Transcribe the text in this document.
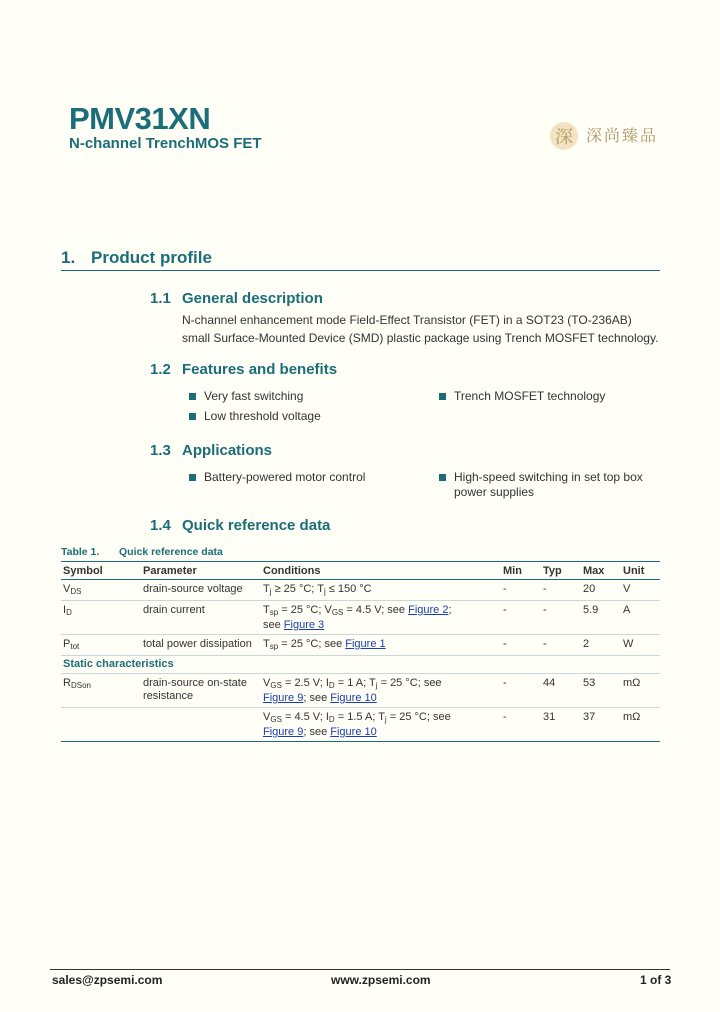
PMV31XN
N-channel TrenchMOS FET	深 深尚臻品
1. Product profile
1.1 General description
N-channel enhancement mode Field-Effect Transistor (FET) in a SOT23 (TO-236AB)
small Surface-Mounted Device (SMD) plastic package using Trench MOSFET technology.
1.2 Features and benefits
Very fast switching
Low threshold voltage
Trench MOSFET technology
1.3 Applications
Battery-powered motor control	High-speed switching in set top box
power supplies
1.4 Quick reference data
Table 1. Quick reference data
Symbol	Parameter	Conditions	Min	Typ	Max	Unit
$V_{DS}$	drain-source voltage	$T_j \ge 25$ °C; $T_j \le 150$ °C	-	-	20	V
$I_D$	drain current	$T_{sp} = 25$ °C; $V_{GS} = 4.5$ V; see Figure 2;
see Figure 3	-	-	5.9	A
$P_{tot}$	total power dissipation	$T_{sp} = 25$ °C; see Figure 1	-	-	2	W
Static characteristics						
$R_{DSon}$	drain-source on-state
resistance	$V_{GS} = 2.5$ V; $I_D = 1$ A; $T_j = 25$ °C; see
Figure 9; see Figure 10	-	44	53	mΩ
		$V_{GS} = 4.5$ V; $I_D = 1.5$ A; $T_j = 25$ °C; see
Figure 9; see Figure 10	-	31	37	mΩ
sales@zpsemi.com	www.zpsemi.com	1 of 3
